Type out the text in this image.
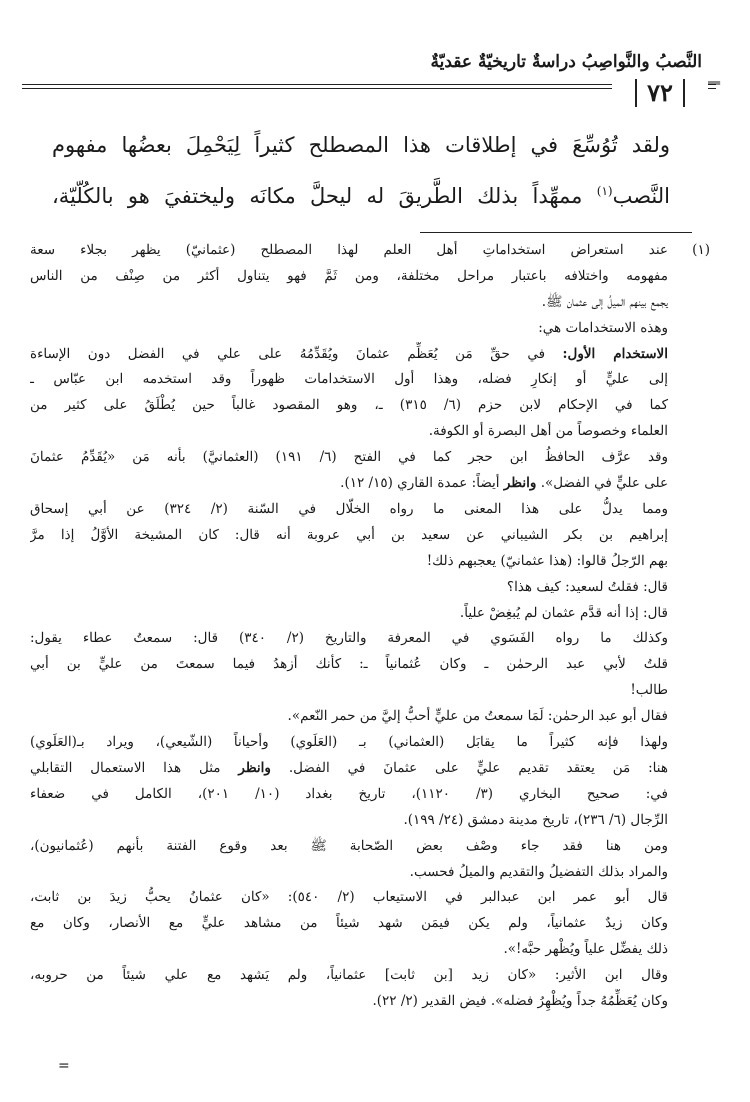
النَّصبُ والنَّواصِبُ دراسةٌ تاريخيّةٌ عقديّةٌ
══
٧٢
ولقد تُوُسِّعَ في إطلاقات هذا المصطلح كثيراً لِيَحْمِلَ بعضُها مفهوم
النَّصب$^{(١)}$ ممهِّداً بذلك الطَّريقَ له ليحلَّ مكانَه وليختفيَ هو بالكُلّيّة،
(١)عند استعراض استخداماتِ أهل العلم لهذا المصطلح (عثمانيّ) يظهر بجلاء سعة
مفهومه واختلافه باعتبار مراحل مختلفة، ومن ثَمَّ فهو يتناول أكثر من صِنْف من الناس
يجمع بينهم الميلُ إلى عثمان ﷺ.
وهذه الاستخدامات هي:
الاستخدام الأول: في حقِّ مَن يُعَظِّم عثمانَ ويُقَدِّمُهُ على علي في الفضل دون الإساءة
إلى عليٍّ أو إنكارِ فضله، وهذا أول الاستخدامات ظهوراً وقد استخدمه ابن عبّاس ـ
كما في الإحكام لابن حزم (٦/ ٣١٥) ـ، وهو المقصود غالباً حين يُطْلَقُ على كثير من
العلماء وخصوصاً من أهل البصرة أو الكوفة.
وقد عرَّف الحافظُ ابن حجر كما في الفتح (٦/ ١٩١) (العثمانيَّ) بأنه مَن «يُقَدِّمُ عثمانَ
على عليٍّ في الفضل». وانظر أيضاً: عمدة القاري (١٥/ ١٢).
ومما يدلُّ على هذا المعنى ما رواه الخلّال في السّنة (٢/ ٣٢٤) عن أبي إسحاق
إبراهيم بن بكر الشيباني عن سعيد بن أبي عروبة أنه قال: كان المشيخة الأوَّلُ إذا مرَّ
بهم الرّجلُ قالوا: (هذا عثمانيّ) يعجبهم ذلك!
قال: فقلتُ لسعيد: كيف هذا؟
قال: إذا أنه قدَّم عثمان لم يُبغِضْ علياً.
وكذلك ما رواه الفَسَوي في المعرفة والتاريخ (٢/ ٣٤٠) قال: سمعتُ عطاء يقول:
قلتُ لأبي عبد الرحمٰن ـ وكان عُثمانياً ـ: كأنك أزهدُ فيما سمعتَ من عليٍّ بن أبي
طالب!
فقال أبو عبد الرحمٰن: لَمَا سمعتُ من عليٍّ أحبُّ إليَّ من حمر النّعم».
ولهذا فإنه كثيراً ما يقابَل (العثماني) بـ (العَلَوي) وأحياناً (الشّيعي)، ويراد بـ(العَلَوي)
هنا: مَن يعتقد تقديم عليٍّ على عثمانَ في الفضل. وانظر مثل هذا الاستعمال التقابلي
في: صحيح البخاري (٣/ ١١٢٠)، تاريخ بغداد (١٠/ ٢٠١)، الكامل في ضعفاء
الرِّجال (٦/ ٢٣٦)، تاريخ مدينة دمشق (٢٤/ ١٩٩).
ومن هنا فقد جاء وصْف بعض الصّحابة ﷺ بعد وقوع الفتنة بأنهم (عُثمانيون)،
والمراد بذلك التفضيلُ والتقديم والميلُ فحسب.
قال أبو عمر ابن عبدالبر في الاستيعاب (٢/ ٥٤٠): «كان عثمانُ يحبُّ زيدَ بن ثابت،
وكان زيدٌ عثمانياً، ولم يكن فيمَن شهد شيئاً من مشاهد عليٍّ مع الأنصار، وكان مع
ذلك يفضِّل علياً ويُظْهر حبَّه!».
وقال ابن الأثير: «كان زيد [بن ثابت] عثمانياً، ولم يَشهد مع علي شيئاً من حروبه،
وكان يُعَظِّمُهُ جداً ويُظْهِرُ فضله». فيض القدير (٢/ ٢٢).
=
